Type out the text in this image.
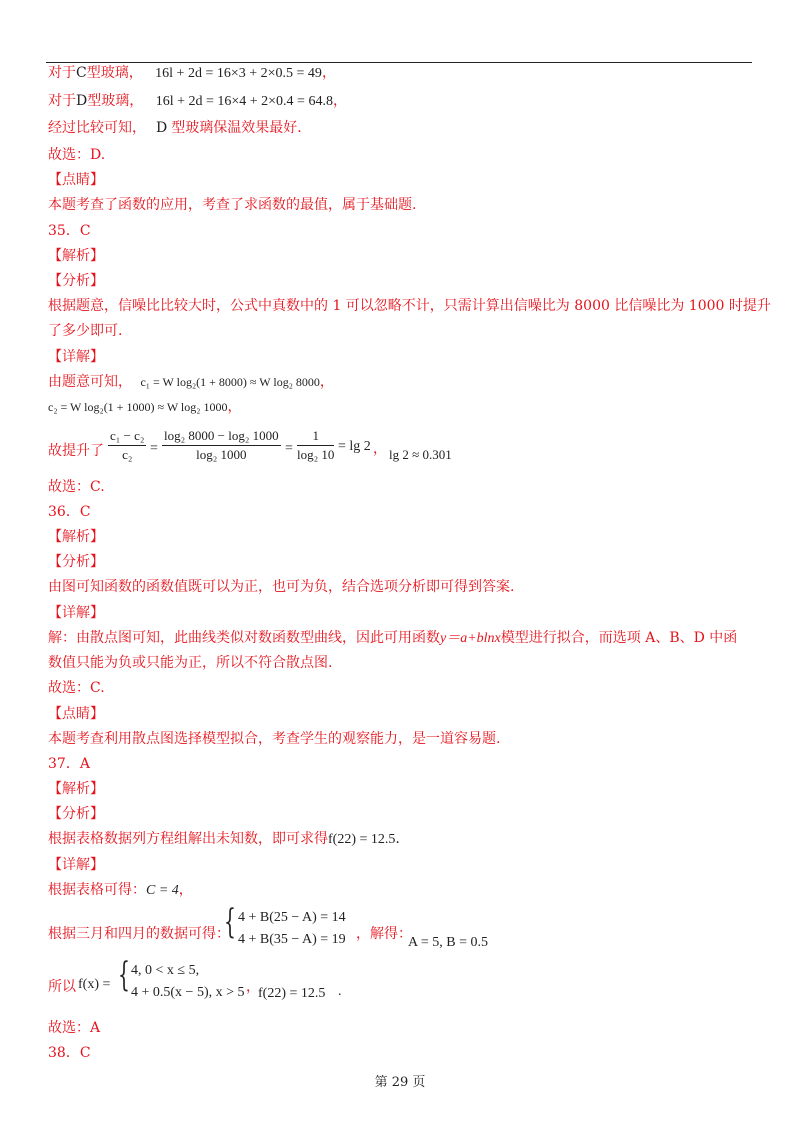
对于C型玻璃， 16l + 2d = 16×3 + 2×0.5 = 49，
对于D型玻璃， 16l + 2d = 16×4 + 2×0.4 = 64.8，
经过比较可知， D 型玻璃保温效果最好.
故选：D.
【点睛】
本题考查了函数的应用，考查了求函数的最值，属于基础题.
35．C
【解析】
【分析】
根据题意，信噪比比较大时，公式中真数中的 1 可以忽略不计，只需计算出信噪比为 8000 比信噪比为 1000 时提升
了多少即可.
【详解】
由题意可知， c₁ = W log₂(1 + 8000) ≈ W log₂ 8000，
c₂ = W log₂(1 + 1000) ≈ W log₂ 1000，
故提升了 $\frac{\text{c₁ − c₂}}{\text{c₂}} = \frac{\text{log₂ 8000 − log₂ 1000}}{\text{log₂ 1000}} = \frac{1}{\text{log₂ 10}} = \lg 2$ ， lg 2 ≈ 0.301
故选：C.
36．C
【解析】
【分析】
由图可知函数的函数值既可以为正，也可为负，结合选项分析即可得到答案.
【详解】
解：由散点图可知，此曲线类似对数函数型曲线，因此可用函数y＝a+blnx模型进行拟合，而选项 A、B、D 中函
数值只能为负或只能为正，所以不符合散点图.
故选：C.
【点睛】
本题考查利用散点图选择模型拟合，考查学生的观察能力，是一道容易题.
37．A
【解析】
【分析】
根据表格数据列方程组解出未知数，即可求得f(22) = 12.5.
【详解】
根据表格可得：C = 4，
根据三月和四月的数据可得：
{ 4 + B(25 − A) = 14
4 + B(35 − A) = 19 ，解得：
A = 5, B = 0.5
所以 f(x) = { 4, 0 < x ≤ 5,
4 + 0.5(x − 5), x > 5 ，
f(22) = 12.5 .
故选：A
38．C
第 29 页
